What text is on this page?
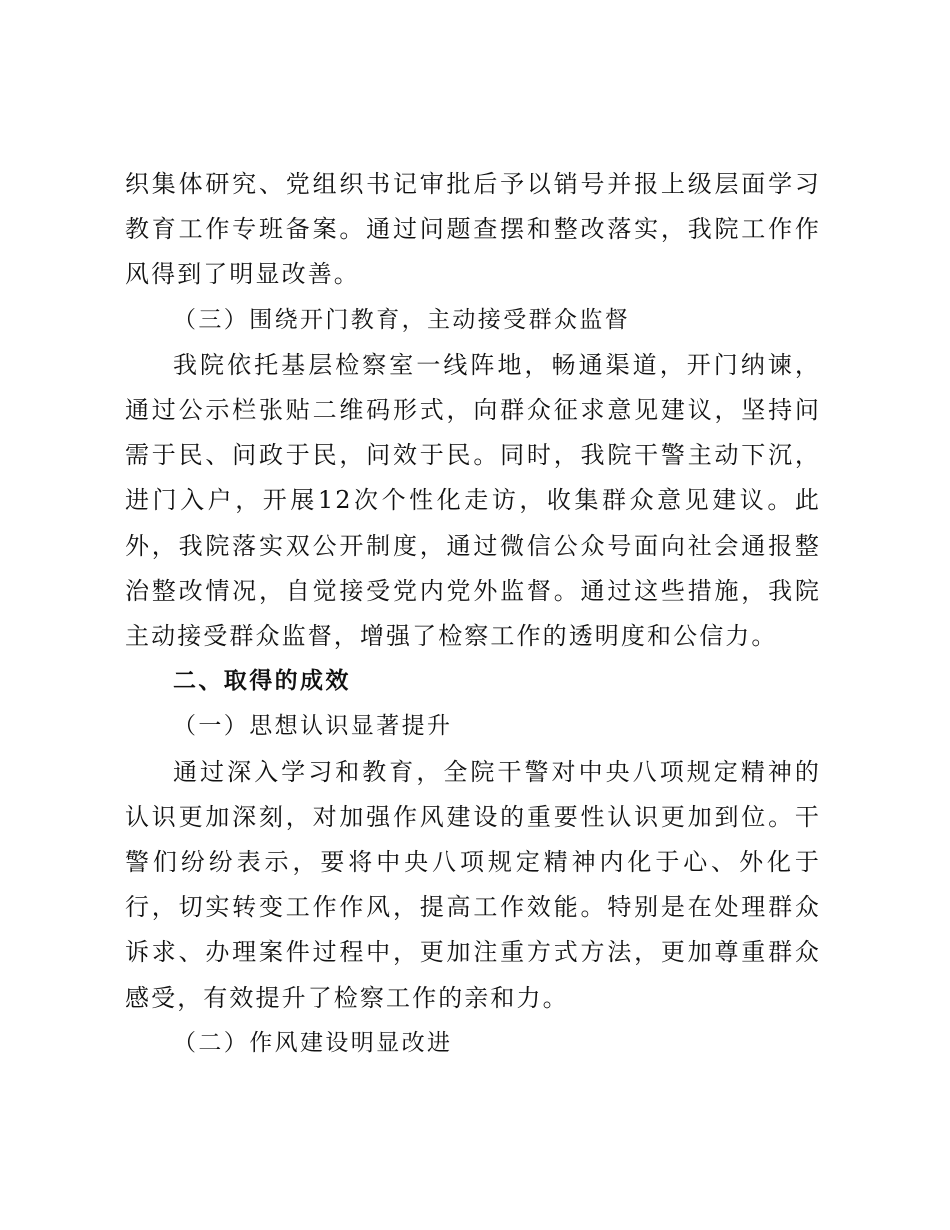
织集体研究、党组织书记审批后予以销号并报上级层面学习教育工作专班备案。通过问题查摆和整改落实，我院工作作风得到了明显改善。

（三）围绕开门教育，主动接受群众监督

我院依托基层检察室一线阵地，畅通渠道，开门纳谏，通过公示栏张贴二维码形式，向群众征求意见建议，坚持问需于民、问政于民，问效于民。同时，我院干警主动下沉，进门入户，开展12次个性化走访，收集群众意见建议。此外，我院落实双公开制度，通过微信公众号面向社会通报整治整改情况，自觉接受党内党外监督。通过这些措施，我院主动接受群众监督，增强了检察工作的透明度和公信力。

二、取得的成效

（一）思想认识显著提升

通过深入学习和教育，全院干警对中央八项规定精神的认识更加深刻，对加强作风建设的重要性认识更加到位。干警们纷纷表示，要将中央八项规定精神内化于心、外化于行，切实转变工作作风，提高工作效能。特别是在处理群众诉求、办理案件过程中，更加注重方式方法，更加尊重群众感受，有效提升了检察工作的亲和力。

（二）作风建设明显改进
